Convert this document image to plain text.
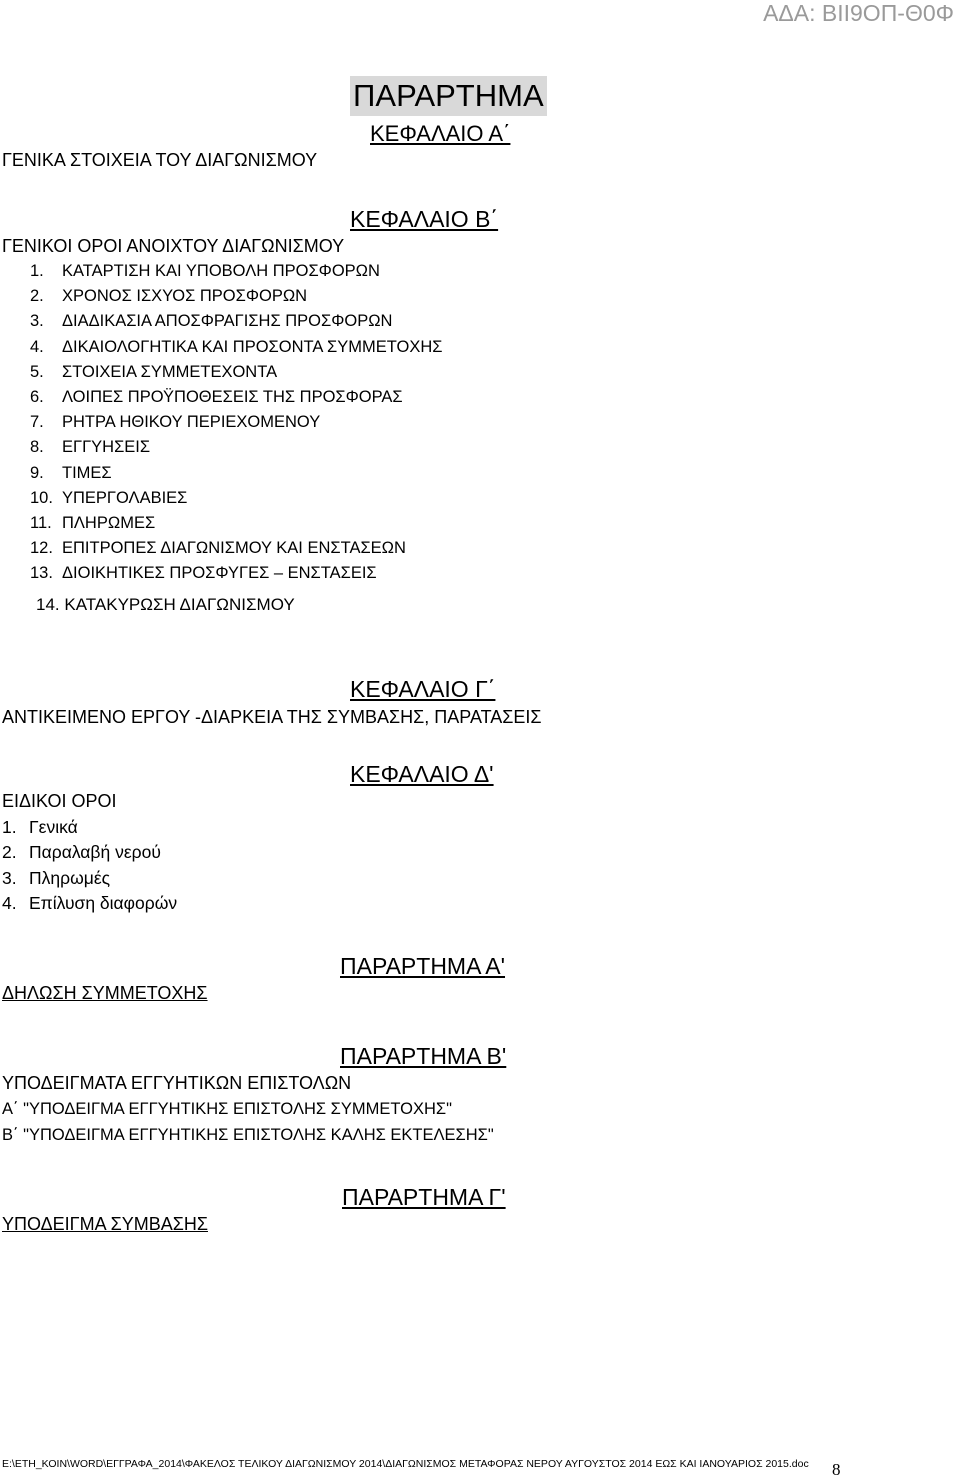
ΑΔΑ: ΒΙΙ9ΟΠ-Θ0Φ
ΠΑΡΑΡΤΗΜΑ
ΚΕΦΑΛΑΙΟ Α΄
ΓΕΝΙΚΑ ΣΤΟΙΧΕΙΑ ΤΟΥ ΔΙΑΓΩΝΙΣΜΟΥ
ΚΕΦΑΛΑΙΟ Β΄
ΓΕΝΙΚΟΙ ΟΡΟΙ ΑΝΟΙΧΤΟΥ ΔΙΑΓΩΝΙΣΜΟΥ
1. ΚΑΤΑΡΤΙΣΗ ΚΑΙ ΥΠΟΒΟΛΗ ΠΡΟΣΦΟΡΩΝ
2. ΧΡΟΝΟΣ ΙΣΧΥΟΣ ΠΡΟΣΦΟΡΩΝ
3. ΔΙΑΔΙΚΑΣΙΑ ΑΠΟΣΦΡΑΓΙΣΗΣ ΠΡΟΣΦΟΡΩΝ
4. ΔΙΚΑΙΟΛΟΓΗΤΙΚΑ ΚΑΙ ΠΡΟΣΟΝΤΑ ΣΥΜΜΕΤΟΧΗΣ
5. ΣΤΟΙΧΕΙΑ ΣΥΜΜΕΤΕΧΟΝΤΑ
6. ΛΟΙΠΕΣ ΠΡΟΫΠΟΘΕΣΕΙΣ ΤΗΣ ΠΡΟΣΦΟΡΑΣ
7. ΡΗΤΡΑ ΗΘΙΚΟΥ ΠΕΡΙΕΧΟΜΕΝΟΥ
8. ΕΓΓΥΗΣΕΙΣ
9. ΤΙΜΕΣ
10. ΥΠΕΡΓΟΛΑΒΙΕΣ
11. ΠΛΗΡΩΜΕΣ
12. ΕΠΙΤΡΟΠΕΣ ΔΙΑΓΩΝΙΣΜΟΥ ΚΑΙ ΕΝΣΤΑΣΕΩΝ
13. ΔΙΟΙΚΗΤΙΚΕΣ ΠΡΟΣΦΥΓΕΣ – ΕΝΣΤΑΣΕΙΣ
14. ΚΑΤΑΚΥΡΩΣΗ ΔΙΑΓΩΝΙΣΜΟΥ
ΚΕΦΑΛΑΙΟ Γ΄
ΑΝΤΙΚΕΙΜΕΝΟ ΕΡΓΟΥ -ΔΙΑΡΚΕΙΑ ΤΗΣ ΣΥΜΒΑΣΗΣ, ΠΑΡΑΤΑΣΕΙΣ
ΚΕΦΑΛΑΙΟ Δ'
ΕΙΔΙΚΟΙ ΟΡΟΙ
1. Γενικά
2. Παραλαβή νερού
3. Πληρωμές
4. Επίλυση διαφορών
ΠΑΡΑΡΤΗΜΑ Α'
ΔΗΛΩΣΗ ΣΥΜΜΕΤΟΧΗΣ
ΠΑΡΑΡΤΗΜΑ Β'
ΥΠΟΔΕΙΓΜΑΤΑ ΕΓΓΥΗΤΙΚΩΝ ΕΠΙΣΤΟΛΩΝ
Α΄ "ΥΠΟΔΕΙΓΜΑ ΕΓΓΥΗΤΙΚΗΣ ΕΠΙΣΤΟΛΗΣ ΣΥΜΜΕΤΟΧΗΣ"
Β΄ "ΥΠΟΔΕΙΓΜΑ ΕΓΓΥΗΤΙΚΗΣ ΕΠΙΣΤΟΛΗΣ ΚΑΛΗΣ ΕΚΤΕΛΕΣΗΣ"
ΠΑΡΑΡΤΗΜΑ Γ'
ΥΠΟΔΕΙΓΜΑ ΣΥΜΒΑΣΗΣ
E:\ΕΤΗ_ΚΟΙΝ\WORD\ΕΓΓΡΑΦΑ_2014\ΦΑΚΕΛΟΣ ΤΕΛΙΚΟΥ ΔΙΑΓΩΝΙΣΜΟΥ 2014\ΔΙΑΓΩΝΙΣΜΟΣ ΜΕΤΑΦΟΡΑΣ ΝΕΡΟΥ ΑΥΓΟΥΣΤΟΣ 2014 ΕΩΣ ΚΑΙ ΙΑΝΟΥΑΡΙΟΣ 2015.doc 8
